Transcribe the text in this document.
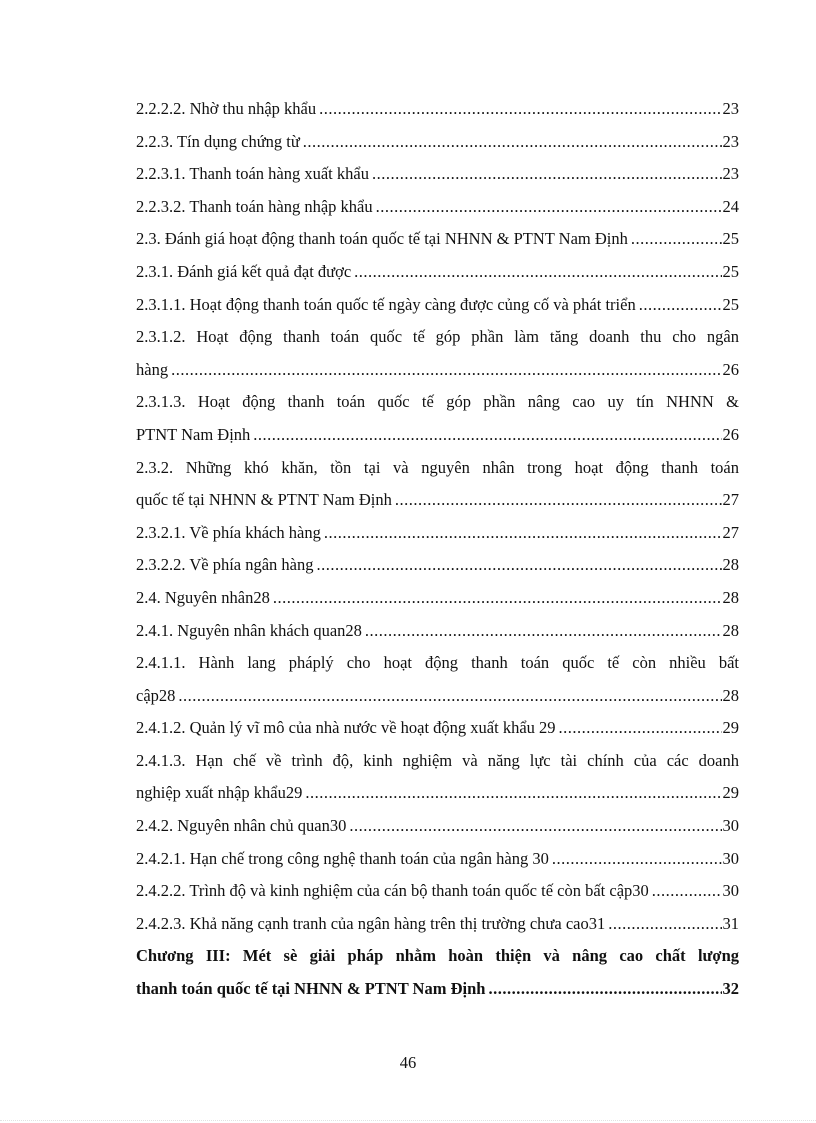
2.2.2.2. Nhờ thu nhập khẩu .....	23
2.2.3. Tín dụng chứng từ .....	23
2.2.3.1. Thanh toán hàng xuất khẩu .....	23
2.2.3.2. Thanh toán hàng nhập khẩu .....	24
2.3. Đánh giá hoạt động thanh toán quốc tế tại NHNN & PTNT Nam Định .....	25
2.3.1. Đánh giá kết quả đạt được .....	25
2.3.1.1. Hoạt động thanh toán quốc tế ngày càng được củng cố và phát triển .....	25
2.3.1.2. Hoạt động thanh toán quốc tế góp phần làm tăng doanh thu cho ngân
hàng .....	26
2.3.1.3. Hoạt động thanh toán quốc tế góp phần nâng cao uy tín NHNN &
PTNT Nam Định .....	26
2.3.2. Những khó khăn, tồn tại và nguyên nhân trong hoạt động thanh toán
quốc tế tại NHNN & PTNT Nam Định .....	27
2.3.2.1. Về phía khách hàng .....	27
2.3.2.2. Về phía ngân hàng .....	28
2.4. Nguyên nhân28 .....	28
2.4.1. Nguyên nhân khách quan28 .....	28
2.4.1.1. Hành lang pháplý cho hoạt động thanh toán quốc tế còn nhiều bất
cập28 .....	28
2.4.1.2. Quản lý vĩ mô của nhà nước về hoạt động xuất khẩu 29 .....	29
2.4.1.3. Hạn chế về trình độ, kinh nghiệm và năng lực tài chính của các doanh
nghiệp xuất nhập khẩu29 .....	29
2.4.2. Nguyên nhân chủ quan30 .....	30
2.4.2.1. Hạn chế trong công nghệ thanh toán của ngân hàng 30 .....	30
2.4.2.2. Trình độ và kinh nghiệm của cán bộ thanh toán quốc tế còn bất cập30 .....	30
2.4.2.3. Khả năng cạnh tranh của ngân hàng trên thị trường chưa cao31 .....	31
Chương III: Mét sè giải pháp nhằm hoàn thiện và nâng cao chất lượng
thanh toán quốc tế tại NHNN & PTNT Nam Định .....	32
46
